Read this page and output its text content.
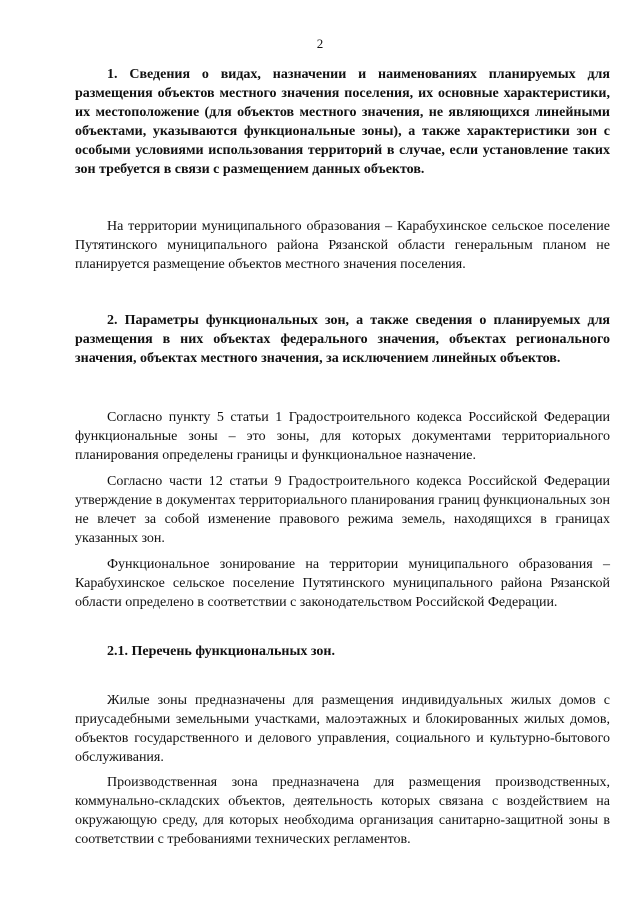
2

1. Сведения о видах, назначении и наименованиях планируемых для размещения объектов местного значения поселения, их основные характеристики, их местоположение (для объектов местного значения, не являющихся линейными объектами, указываются функциональные зоны), а также характеристики зон с особыми условиями использования территорий в случае, если установление таких зон требуется в связи с размещением данных объектов.

На территории муниципального образования – Карабухинское сельское поселение Путятинского муниципального района Рязанской области генеральным планом не планируется размещение объектов местного значения поселения.

2. Параметры функциональных зон, а также сведения о планируемых для размещения в них объектах федерального значения, объектах регионального значения, объектах местного значения, за исключением линейных объектов.

Согласно пункту 5 статьи 1 Градостроительного кодекса Российской Федерации функциональные зоны – это зоны, для которых документами территориального планирования определены границы и функциональное назначение.

Согласно части 12 статьи 9 Градостроительного кодекса Российской Федерации утверждение в документах территориального планирования границ функциональных зон не влечет за собой изменение правового режима земель, находящихся в границах указанных зон.

Функциональное зонирование на территории муниципального образования – Карабухинское сельское поселение Путятинского муниципального района Рязанской области определено в соответствии с законодательством Российской Федерации.

2.1. Перечень функциональных зон.

Жилые зоны предназначены для размещения индивидуальных жилых домов с приусадебными земельными участками, малоэтажных и блокированных жилых домов, объектов государственного и делового управления, социального и культурно-бытового обслуживания.

Производственная зона предназначена для размещения производственных, коммунально-складских объектов, деятельность которых связана с воздействием на окружающую среду, для которых необходима организация санитарно-защитной зоны в соответствии с требованиями технических регламентов.
